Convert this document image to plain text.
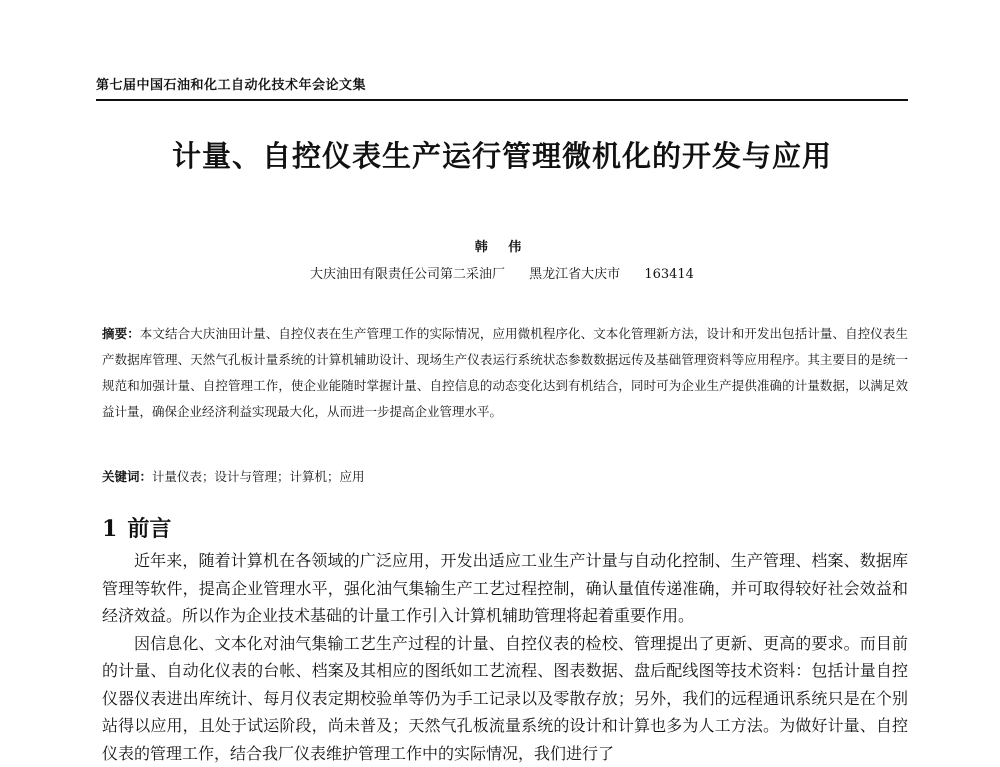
第七届中国石油和化工自动化技术年会论文集
计量、自控仪表生产运行管理微机化的开发与应用
韩 伟
大庆油田有限责任公司第二采油厂 黑龙江省大庆市 163414
摘要：本文结合大庆油田计量、自控仪表在生产管理工作的实际情况，应用微机程序化、文本化管理新方法，设计和开发出包括计量、自控仪表生产数据库管理、天然气孔板计量系统的计算机辅助设计、现场生产仪表运行系统状态参数数据远传及基础管理资料等应用程序。其主要目的是统一规范和加强计量、自控管理工作，使企业能随时掌握计量、自控信息的动态变化达到有机结合，同时可为企业生产提供准确的计量数据，以满足效益计量，确保企业经济利益实现最大化，从而进一步提高企业管理水平。
关键词：计量仪表；设计与管理；计算机；应用
1 前言

近年来，随着计算机在各领域的广泛应用，开发出适应工业生产计量与自动化控制、生产管理、档案、数据库管理等软件，提高企业管理水平，强化油气集输生产工艺过程控制，确认量值传递准确，并可取得较好社会效益和经济效益。所以作为企业技术基础的计量工作引入计算机辅助管理将起着重要作用。

因信息化、文本化对油气集输工艺生产过程的计量、自控仪表的检校、管理提出了更新、更高的要求。而目前的计量、自动化仪表的台帐、档案及其相应的图纸如工艺流程、图表数据、盘后配线图等技术资料：包括计量自控仪器仪表进出库统计、每月仪表定期校验单等仍为手工记录以及零散存放；另外，我们的远程通讯系统只是在个别站得以应用，且处于试运阶段，尚未普及；天然气孔板流量系统的设计和计算也多为人工方法。为做好计量、自控仪表的管理工作，结合我厂仪表维护管理工作中的实际情况，我们进行了
